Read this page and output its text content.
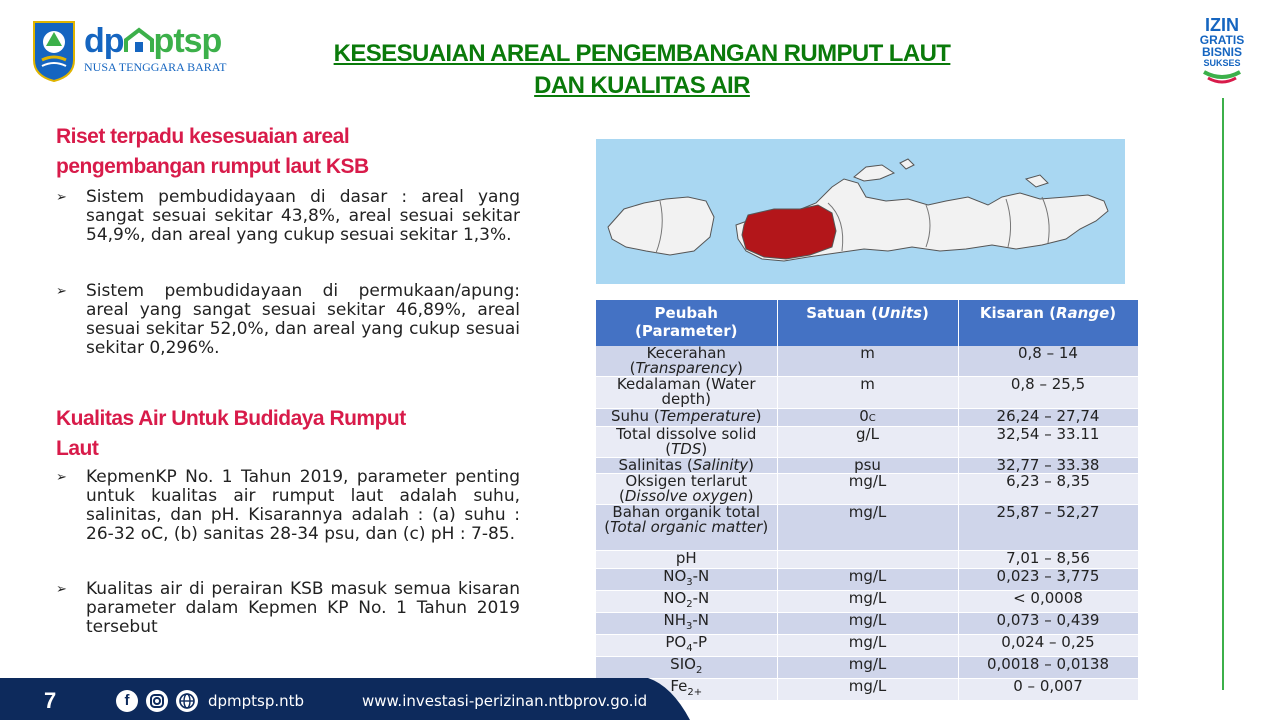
dp ptsp
NUSA TENGGARA BARAT	KESESUAIAN AREAL PENGEMBANGAN RUMPUT LAUT
DAN KUALITAS AIR
IZIN
GRATIS
BISNIS
SUKSES
Riset terpadu kesesuaian areal
pengembangan rumput laut KSB
➢ Sistem pembudidayaan di dasar : areal yang sangat sesuai sekitar 43,8%, areal sesuai sekitar 54,9%, dan areal yang cukup sesuai sekitar 1,3%.
➢ Sistem pembudidayaan di permukaan/apung: areal yang sangat sesuai sekitar 46,89%, areal sesuai sekitar 52,0%, dan areal yang cukup sesuai sekitar 0,296%.
Kualitas Air Untuk Budidaya Rumput
Laut
➢ KepmenKP No. 1 Tahun 2019, parameter penting untuk kualitas air rumput laut adalah suhu, salinitas, dan pH. Kisarannya adalah : (a) suhu : 26-32 oC, (b) sanitas 28-34 psu, dan (c) pH : 7-85.
➢ Kualitas air di perairan KSB masuk semua kisaran parameter dalam Kepmen KP No. 1 Tahun 2019 tersebut
Peubah
(Parameter)	Satuan (Units)	Kisaran (Range)
Kecerahan
(Transparency)	m	0,8 – 14
Kedalaman (Water
depth)	m	0,8 – 25,5
Suhu (Temperature)	0C	26,24 – 27,74
Total dissolve solid
(TDS)	g/L	32,54 – 33.11
Salinitas (Salinity)	psu	32,77 – 33.38
Oksigen terlarut
(Dissolve oxygen)	mg/L	6,23 – 8,35
Bahan organik total
(Total organic matter)	mg/L	25,87 – 52,27
pH		7,01 – 8,56
$NO_3-N$	mg/L	0,023 – 3,775
$NO_2-N$	mg/L	< 0,0008
$NH_3-N$	mg/L	0,073 – 0,439
$PO_4-P$	mg/L	0,024 – 0,25
$SIO_2$	mg/L	0,0018 – 0,0138
$Fe_{2+}$	mg/L	0 – 0,007
7	f	dpmptsp.ntb	www.investasi-perizinan.ntbprov.go.id
